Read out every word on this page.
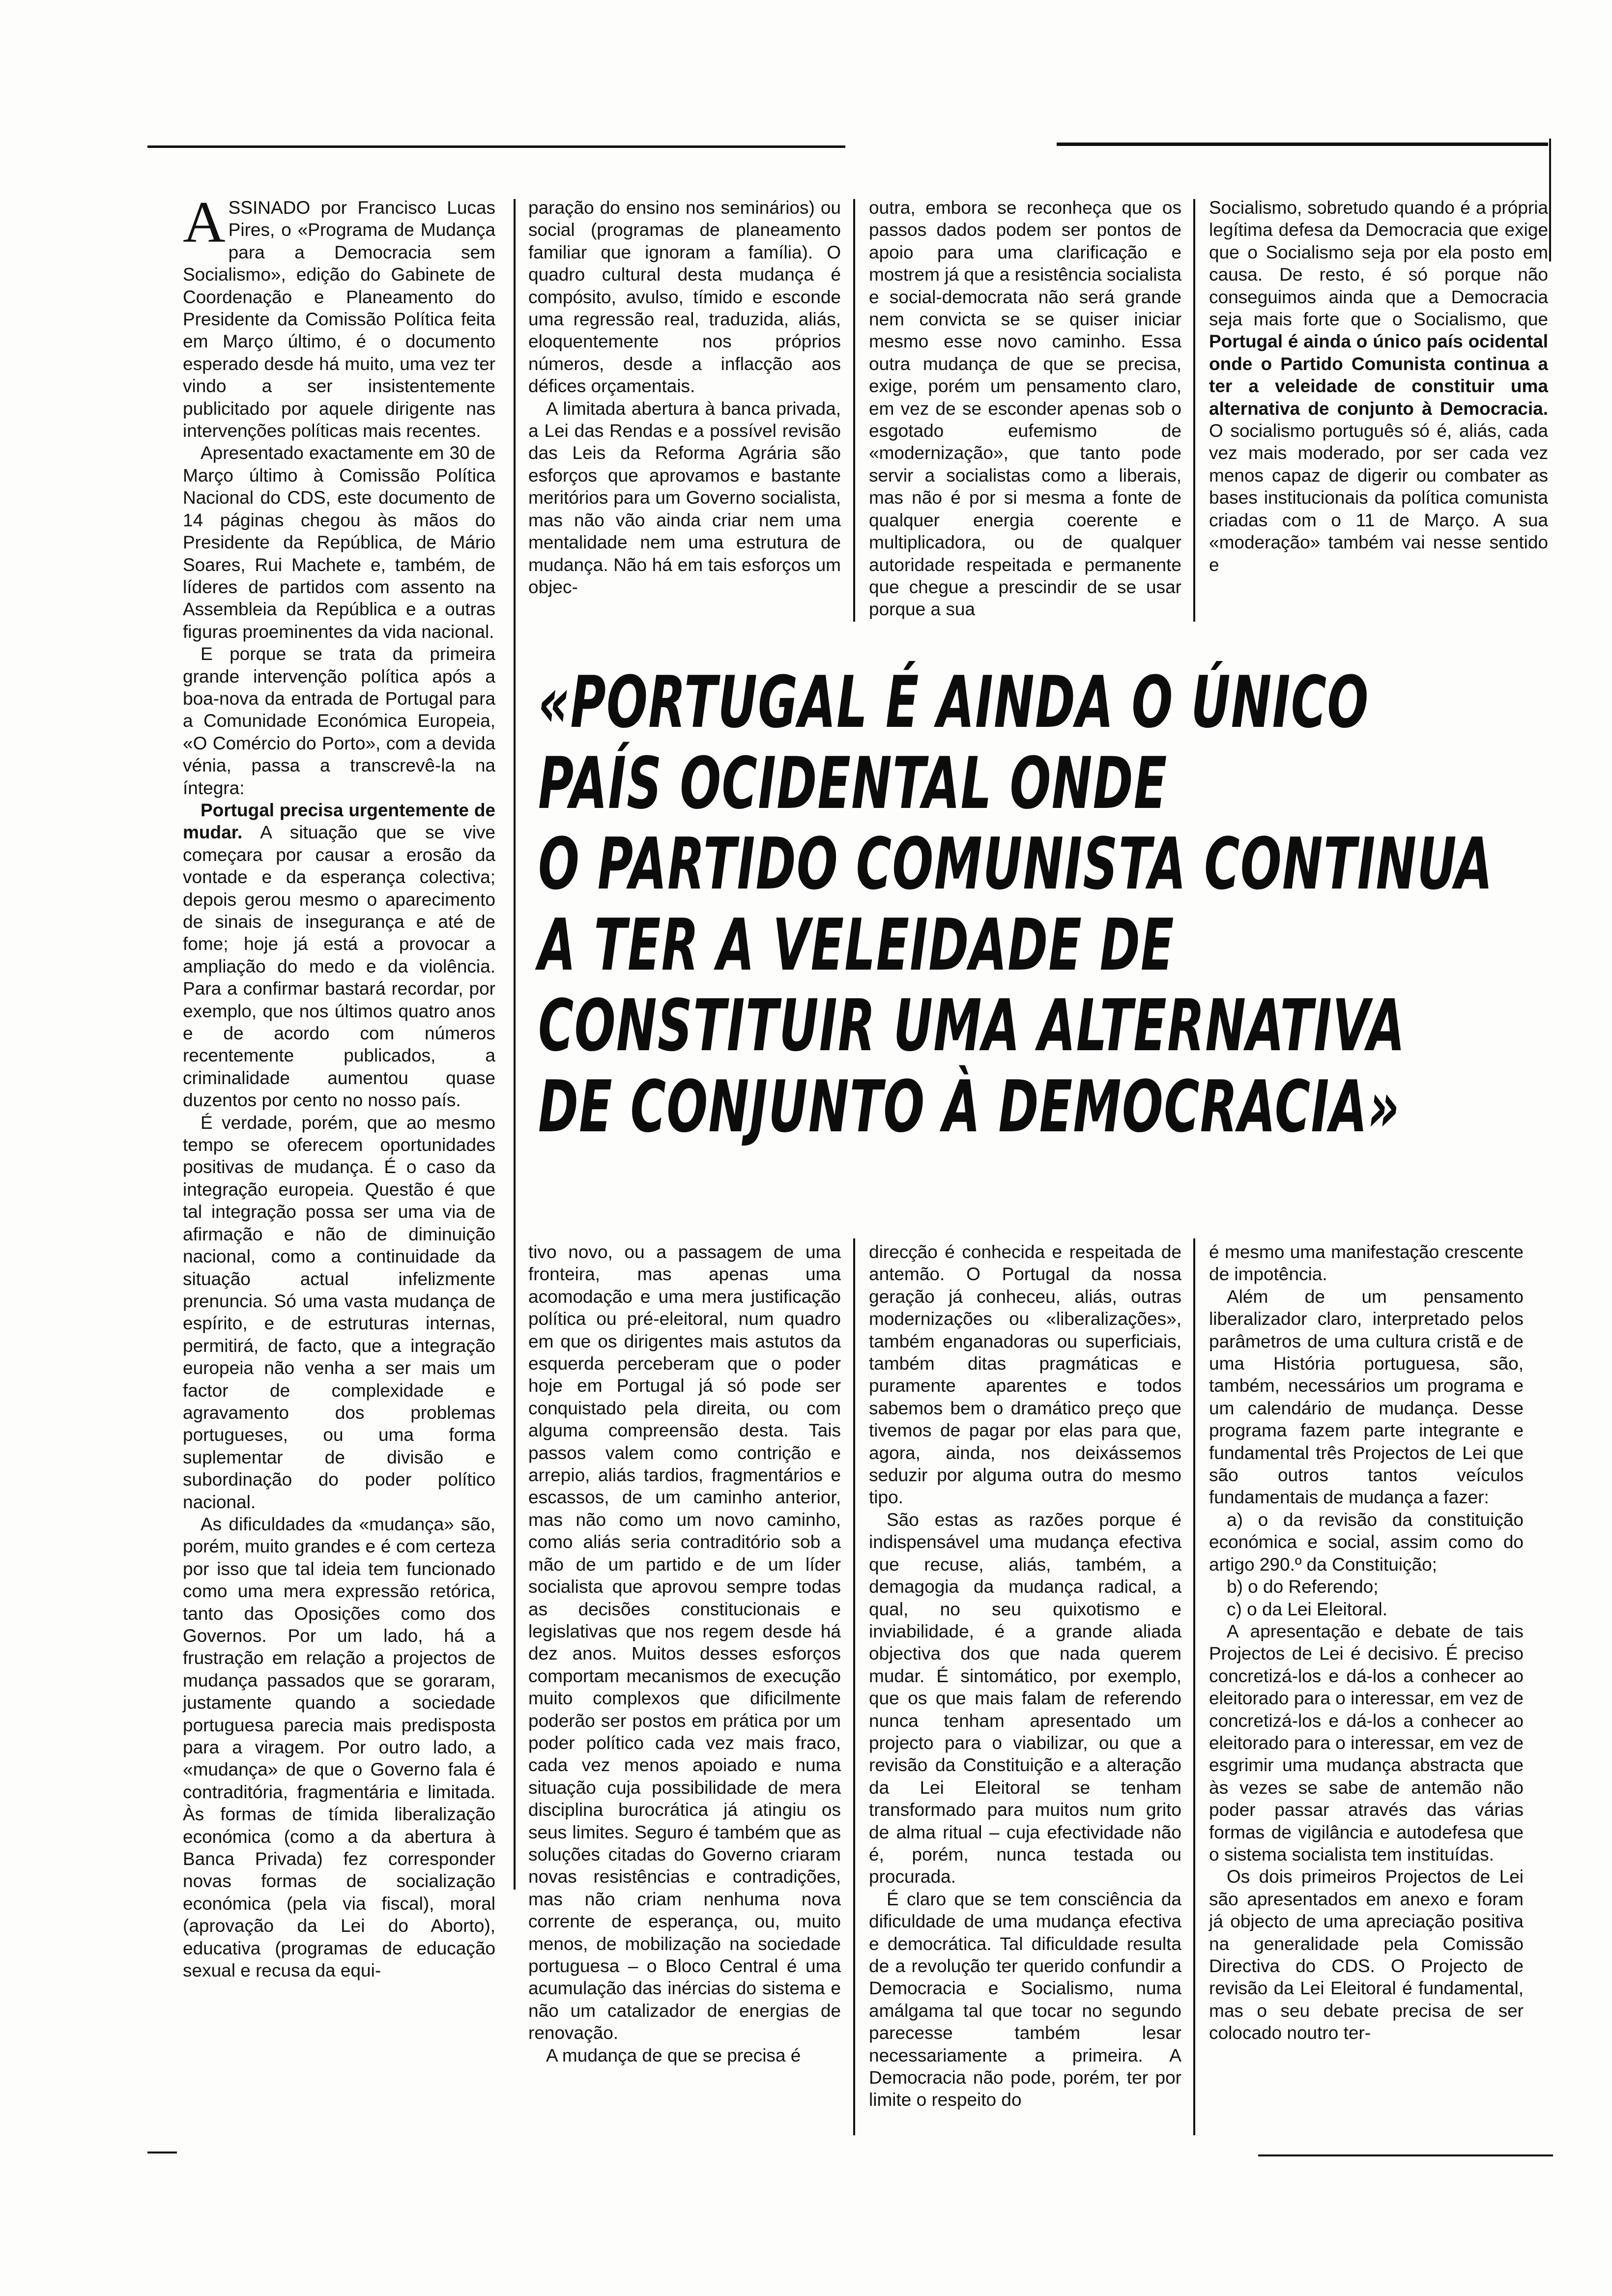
ASSINADO por Francisco Lucas Pires, o «Programa de Mudança para a Democracia sem Socialismo», edição do Gabinete de Coordenação e Planeamento do Presidente da Comissão Política feita em Março último, é o documento esperado desde há muito, uma vez ter vindo a ser insistentemente publicitado por aquele dirigente nas intervenções políticas mais recentes.

Apresentado exactamente em 30 de Março último à Comissão Política Nacional do CDS, este documento de 14 páginas chegou às mãos do Presidente da República, de Mário Soares, Rui Machete e, também, de líderes de partidos com assento na Assembleia da República e a outras figuras proeminentes da vida nacional.

E porque se trata da primeira grande intervenção política após a boa-nova da entrada de Portugal para a Comunidade Económica Europeia, «O Comércio do Porto», com a devida vénia, passa a transcrevê-la na íntegra:

Portugal precisa urgentemente de mudar. A situação que se vive começara por causar a erosão da vontade e da esperança colectiva; depois gerou mesmo o aparecimento de sinais de insegurança e até de fome; hoje já está a provocar a ampliação do medo e da violência. Para a confirmar bastará recordar, por exemplo, que nos últimos quatro anos e de acordo com números recentemente publicados, a criminalidade aumentou quase duzentos por cento no nosso país.

É verdade, porém, que ao mesmo tempo se oferecem oportunidades positivas de mudança. É o caso da integração europeia. Questão é que tal integração possa ser uma via de afirmação e não de diminuição nacional, como a continuidade da situação actual infelizmente prenuncia. Só uma vasta mudança de espírito, e de estruturas internas, permitirá, de facto, que a integração europeia não venha a ser mais um factor de complexidade e agravamento dos problemas portugueses, ou uma forma suplementar de divisão e subordinação do poder político nacional.

As dificuldades da «mudança» são, porém, muito grandes e é com certeza por isso que tal ideia tem funcionado como uma mera expressão retórica, tanto das Oposições como dos Governos. Por um lado, há a frustração em relação a projectos de mudança passados que se goraram, justamente quando a sociedade portuguesa parecia mais predisposta para a viragem. Por outro lado, a «mudança» de que o Governo fala é contraditória, fragmentária e limitada. Às formas de tímida liberalização económica (como a da abertura à Banca Privada) fez corresponder novas formas de socialização económica (pela via fiscal), moral (aprovação da Lei do Aborto), educativa (programas de educação sexual e recusa da equi-

paração do ensino nos seminários) ou social (programas de planeamento familiar que ignoram a família). O quadro cultural desta mudança é compósito, avulso, tímido e esconde uma regressão real, traduzida, aliás, eloquentemente nos próprios números, desde a inflacção aos défices orçamentais.

A limitada abertura à banca privada, a Lei das Rendas e a possível revisão das Leis da Reforma Agrária são esforços que aprovamos e bastante meritórios para um Governo socialista, mas não vão ainda criar nem uma mentalidade nem uma estrutura de mudança. Não há em tais esforços um objec-

outra, embora se reconheça que os passos dados podem ser pontos de apoio para uma clarificação e mostrem já que a resistência socialista e social-democrata não será grande nem convicta se se quiser iniciar mesmo esse novo caminho. Essa outra mudança de que se precisa, exige, porém um pensamento claro, em vez de se esconder apenas sob o esgotado eufemismo de «modernização», que tanto pode servir a socialistas como a liberais, mas não é por si mesma a fonte de qualquer energia coerente e multiplicadora, ou de qualquer autoridade respeitada e permanente que chegue a prescindir de se usar porque a sua

Socialismo, sobretudo quando é a própria legítima defesa da Democracia que exige que o Socialismo seja por ela posto em causa. De resto, é só porque não conseguimos ainda que a Democracia seja mais forte que o Socialismo, que Portugal é ainda o único país ocidental onde o Partido Comunista continua a ter a veleidade de constituir uma alternativa de conjunto à Democracia. O socialismo português só é, aliás, cada vez mais moderado, por ser cada vez menos capaz de digerir ou combater as bases institucionais da política comunista criadas com o 11 de Março. A sua «moderação» também vai nesse sentido e

«PORTUGAL É AINDA O ÚNICO
PAÍS OCIDENTAL ONDE
O PARTIDO COMUNISTA CONTINUA
A TER A VELEIDADE DE
CONSTITUIR UMA ALTERNATIVA
DE CONJUNTO À DEMOCRACIA»

tivo novo, ou a passagem de uma fronteira, mas apenas uma acomodação e uma mera justificação política ou pré-eleitoral, num quadro em que os dirigentes mais astutos da esquerda perceberam que o poder hoje em Portugal já só pode ser conquistado pela direita, ou com alguma compreensão desta. Tais passos valem como contrição e arrepio, aliás tardios, fragmentários e escassos, de um caminho anterior, mas não como um novo caminho, como aliás seria contraditório sob a mão de um partido e de um líder socialista que aprovou sempre todas as decisões constitucionais e legislativas que nos regem desde há dez anos. Muitos desses esforços comportam mecanismos de execução muito complexos que dificilmente poderão ser postos em prática por um poder político cada vez mais fraco, cada vez menos apoiado e numa situação cuja possibilidade de mera disciplina burocrática já atingiu os seus limites. Seguro é também que as soluções citadas do Governo criaram novas resistências e contradições, mas não criam nenhuma nova corrente de esperança, ou, muito menos, de mobilização na sociedade portuguesa – o Bloco Central é uma acumulação das inércias do sistema e não um catalizador de energias de renovação.

A mudança de que se precisa é

direcção é conhecida e respeitada de antemão. O Portugal da nossa geração já conheceu, aliás, outras modernizações ou «liberalizações», também enganadoras ou superficiais, também ditas pragmáticas e puramente aparentes e todos sabemos bem o dramático preço que tivemos de pagar por elas para que, agora, ainda, nos deixássemos seduzir por alguma outra do mesmo tipo.

São estas as razões porque é indispensável uma mudança efectiva que recuse, aliás, também, a demagogia da mudança radical, a qual, no seu quixotismo e inviabilidade, é a grande aliada objectiva dos que nada querem mudar. É sintomático, por exemplo, que os que mais falam de referendo nunca tenham apresentado um projecto para o viabilizar, ou que a revisão da Constituição e a alteração da Lei Eleitoral se tenham transformado para muitos num grito de alma ritual – cuja efectividade não é, porém, nunca testada ou procurada.

É claro que se tem consciência da dificuldade de uma mudança efectiva e democrática. Tal dificuldade resulta de a revolução ter querido confundir a Democracia e Socialismo, numa amálgama tal que tocar no segundo parecesse também lesar necessariamente a primeira. A Democracia não pode, porém, ter por limite o respeito do

é mesmo uma manifestação crescente de impotência.

Além de um pensamento liberalizador claro, interpretado pelos parâmetros de uma cultura cristã e de uma História portuguesa, são, também, necessários um programa e um calendário de mudança. Desse programa fazem parte integrante e fundamental três Projectos de Lei que são outros tantos veículos fundamentais de mudança a fazer:

a) o da revisão da constituição económica e social, assim como do artigo 290.º da Constituição;

b) o do Referendo;

c) o da Lei Eleitoral.

A apresentação e debate de tais Projectos de Lei é decisivo. É preciso concretizá-los e dá-los a conhecer ao eleitorado para o interessar, em vez de concretizá-los e dá-los a conhecer ao eleitorado para o interessar, em vez de esgrimir uma mudança abstracta que às vezes se sabe de antemão não poder passar através das várias formas de vigilância e autodefesa que o sistema socialista tem instituídas.

Os dois primeiros Projectos de Lei são apresentados em anexo e foram já objecto de uma apreciação positiva na generalidade pela Comissão Directiva do CDS. O Projecto de revisão da Lei Eleitoral é fundamental, mas o seu debate precisa de ser colocado noutro ter-
